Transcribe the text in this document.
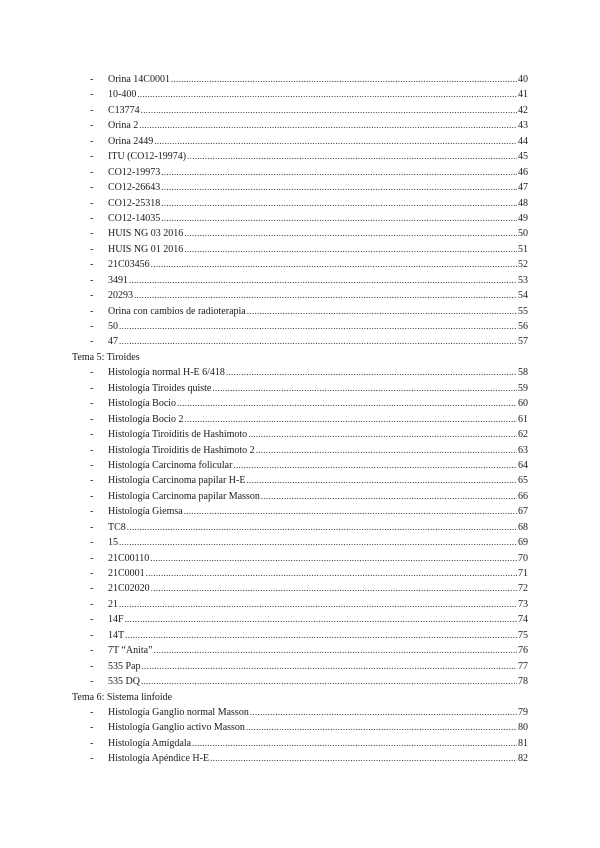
-	Orina 14C0001 .....	40
-	10-400 .....	41
-	C13774 .....	42
-	Orina 2 .....	43
-	Orina 2449 .....	44
-	ITU (CO12-19974) .....	45
-	CO12-19973 .....	46
-	CO12-26643 .....	47
-	CO12-25318 .....	48
-	CO12-14035 .....	49
-	HUIS NG 03 2016 .....	50
-	HUIS NG 01 2016 .....	51
-	21C03456 .....	52
-	3491 .....	53
-	20293 .....	54
-	Orina con cambios de radioterapia .....	55
-	50 .....	56
-	47 .....	57
Tema 5: Tiroides
-	Histología normal H-E 6/418 .....	58
-	Histología Tiroides quiste .....	59
-	Histología Bocio .....	60
-	Histología Bocio 2 .....	61
-	Histología Tiroiditis de Hashimoto .....	62
-	Histología Tiroiditis de Hashimoto 2 .....	63
-	Histología Carcinoma folicular .....	64
-	Histología Carcinoma papilar H-E .....	65
-	Histología Carcinoma papilar Masson .....	66
-	Histología Giemsa .....	67
-	TC8 .....	68
-	15 .....	69
-	21C00110 .....	70
-	21C0001 .....	71
-	21C02020 .....	72
-	21 .....	73
-	14F .....	74
-	14T .....	75
-	7T “Anita” .....	76
-	535 Pap .....	77
-	535 DQ .....	78
Tema 6: Sistema linfoide
-	Histología Ganglio normal Masson .....	79
-	Histología Ganglio activo Masson .....	80
-	Histología Amígdala .....	81
-	Histología Apéndice H-E .....	82
